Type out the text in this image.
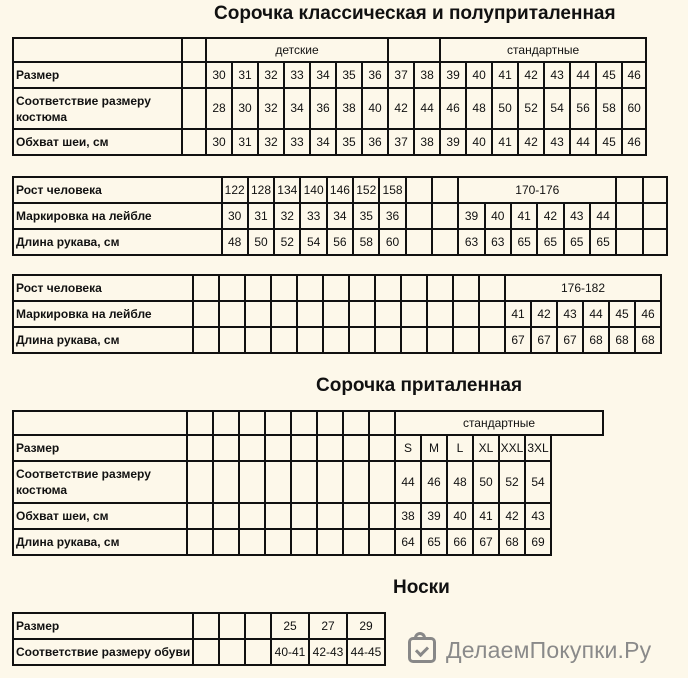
Сорочка классическая и полуприталенная
		детские									стандартные							
Размер		30	31	32	33	34	35	36	37	38	39	40	41	42	43	44	45	46
Соответствие размеру костюма		28	30	32	34	36	38	40	42	44	46	48	50	52	54	56	58	60
Обхват шеи, см		30	31	32	33	34	35	36	37	38	39	40	41	42	43	44	45	46
Рост человека	122	128	134	140	146	152	158			170-176							
Маркировка на лейбле	30	31	32	33	34	35	36			39	40	41	42	43	44		
Длина рукава, см	48	50	52	54	56	58	60			63	63	65	65	65	65		
Рост человека													176-182					
Маркировка на лейбле													41	42	43	44	45	46
Длина рукава, см													67	67	67	68	68	68
Сорочка приталенная
									стандартные					
Размер									S	M	L	XL	XXL	3XL
Соответствие размеру костюма									44	46	48	50	52	54
Обхват шеи, см									38	39	40	41	42	43
Длина рукава, см									64	65	66	67	68	69
Носки
Размер				25	27	29
Соответствие размеру обуви				40-41	42-43	44-45	ДелаемПокупки.Ру
